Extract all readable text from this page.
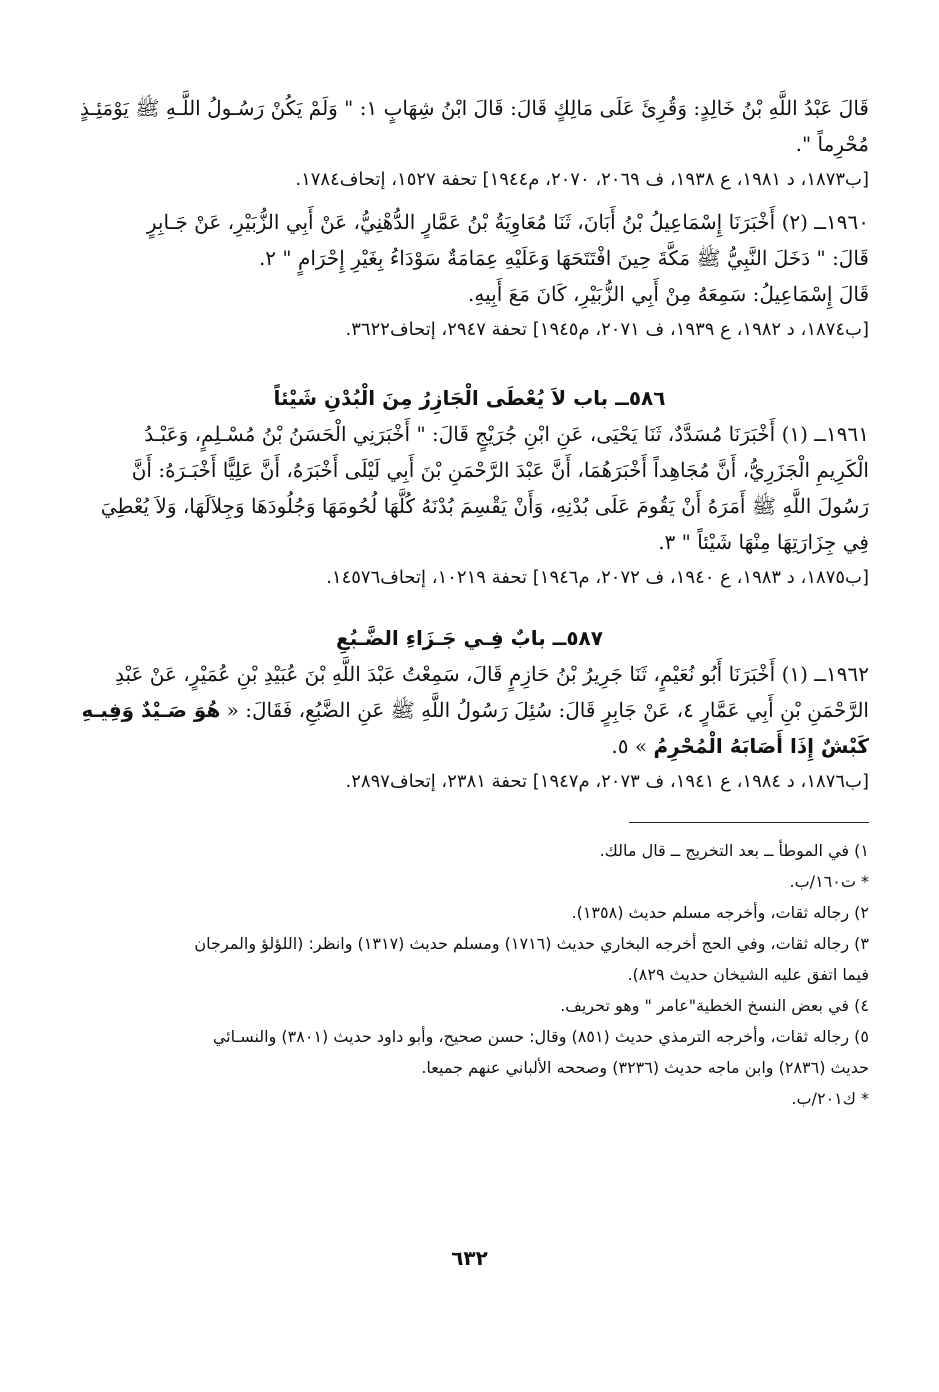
قَالَ عَبْدُ اللَّهِ بْنُ خَالِدٍ: وَقُرِئَ عَلَى مَالِكٍ قَالَ: قَالَ ابْنُ شِهَابٍ ١: " وَلَمْ يَكُنْ رَسُـولُ اللَّـهِ ﷺ يَوْمَئِـذٍ

مُحْرِماً ".

[ب١٨٧٣، د ١٩٨١، ع ١٩٣٨، ف ٢٠٦٩، ٢٠٧٠، م١٩٤٤] تحفة ١٥٢٧، إتحاف١٧٨٤.

١٩٦٠ــ (٢) أَخْبَرَنَا إِسْمَاعِيلُ بْنُ أَبَانَ، ثَنَا مُعَاوِيَةُ بْنُ عَمَّارٍ الدُّهْنِيُّ، عَنْ أَبِي الزُّبَيْرِ، عَنْ جَـابِرٍ

قَالَ: " دَخَلَ النَّبِيُّ ﷺ مَكَّةَ حِينَ افْتَتَحَهَا وَعَلَيْهِ عِمَامَةٌ سَوْدَاءُ بِغَيْرِ إِحْرَامٍ " ٢.

قَالَ إِسْمَاعِيلُ: سَمِعَهُ مِنْ أَبِي الزُّبَيْرِ، كَانَ مَعَ أَبِيهِ.

[ب١٨٧٤، د ١٩٨٢، ع ١٩٣٩، ف ٢٠٧١، م١٩٤٥] تحفة ٢٩٤٧، إتحاف٣٦٢٢.

٥٨٦ــ باب لاَ يُعْطَى الْجَازِرُ مِنَ الْبُدْنِ شَيْئاً

١٩٦١ــ (١) أَخْبَرَنَا مُسَدَّدٌ، ثَنَا يَحْيَى، عَنِ ابْنِ جُرَيْجٍ قَالَ: " أَخْبَرَنِي الْحَسَنُ بْنُ مُسْـلِمٍ، وَعَبْـدُ

الْكَرِيمِ الْجَزَرِيُّ، أَنَّ مُجَاهِداً أَخْبَرَهُمَا، أَنَّ عَبْدَ الرَّحْمَنِ بْنَ أَبِي لَيْلَى أَخْبَرَهُ، أَنَّ عَلِيًّا أَخْبَـرَهُ: أَنَّ

رَسُولَ اللَّهِ ﷺ أَمَرَهُ أَنْ يَقُومَ عَلَى بُدْنِهِ، وَأَنْ يَقْسِمَ بُدْنَهُ كُلَّهَا لُحُومَهَا وَجُلُودَهَا وَجِلاَلَهَا، وَلاَ يُعْطِيَ

فِي جِزَارَتِهَا مِنْهَا شَيْئاً " ٣.

[ب١٨٧٥، د ١٩٨٣، ع ١٩٤٠، ف ٢٠٧٢، م١٩٤٦] تحفة ١٠٢١٩، إتحاف١٤٥٧٦.

٥٨٧ــ بابٌ فِـي جَـزَاءِ الضَّـبُعِ

١٩٦٢ــ (١) أَخْبَرَنَا أَبُو نُعَيْمٍ، ثَنَا جَرِيرُ بْنُ حَازِمٍ قَالَ، سَمِعْتُ عَبْدَ اللَّهِ بْنَ عُبَيْدِ بْنِ عُمَيْرٍ، عَنْ عَبْدِ

الرَّحْمَنِ بْنِ أَبِي عَمَّارٍ ٤، عَنْ جَابِرٍ قَالَ: سُئِلَ رَسُولُ اللَّهِ ﷺ عَنِ الضَّبُعِ، فَقَالَ: « هُوَ صَـيْدٌ وَفِيـهِ

كَبْشٌ إِذَا أَصَابَهُ الْمُحْرِمُ » ٥.

[ب١٨٧٦، د ١٩٨٤، ع ١٩٤١، ف ٢٠٧٣، م١٩٤٧] تحفة ٢٣٨١، إتحاف٢٨٩٧.

١) في الموطأ ــ بعد التخريج ــ قال مالك.

* ت١٦٠/ب.

٢) رجاله ثقات، وأخرجه مسلم حديث (١٣٥٨).

٣) رجاله ثقات، وفي الحج أخرجه البخاري حديث (١٧١٦) ومسلم حديث (١٣١٧) وانظر: (اللؤلؤ والمرجان

فيما اتفق عليه الشيخان حديث ٨٢٩).

٤) في بعض النسخ الخطية"عامر " وهو تحريف.

٥) رجاله ثقات، وأخرجه الترمذي حديث (٨٥١) وقال: حسن صحيح، وأبو داود حديث (٣٨٠١) والنسـائي

حديث (٢٨٣٦) وابن ماجه حديث (٣٢٣٦) وصححه الألباني عنهم جميعا.

* ك٢٠١/ب.

٦٣٢
